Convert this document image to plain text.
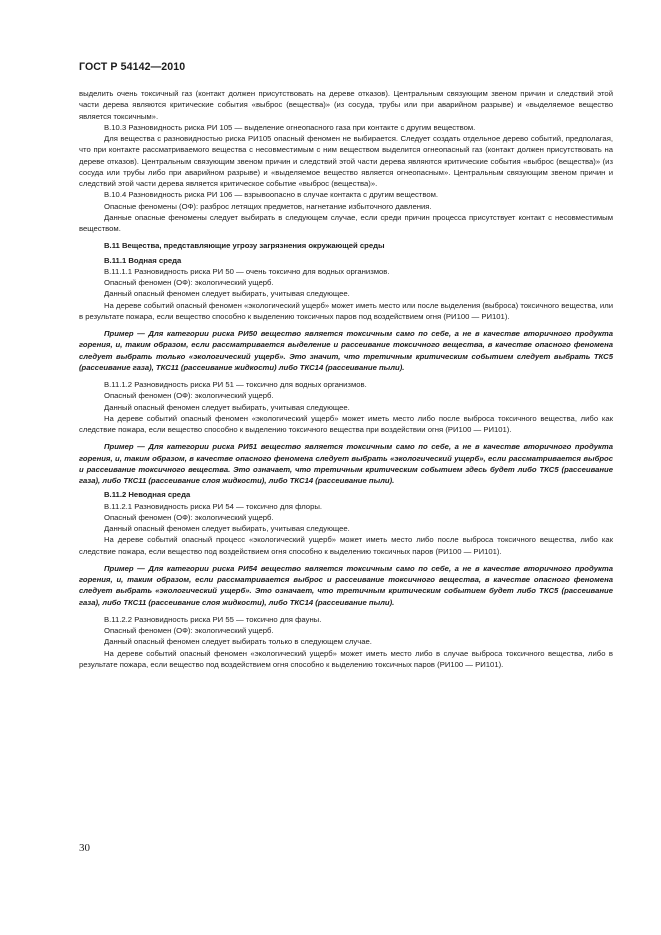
ГОСТ Р 54142—2010

выделить очень токсичный газ (контакт должен присутствовать на дереве отказов). Центральным связующим звеном причин и следствий этой части дерева являются критические события «выброс (вещества)» (из сосуда, трубы или при аварийном разрыве) и «выделяемое вещество является токсичным».

В.10.3 Разновидность риска РИ 105 — выделение огнеопасного газа при контакте с другим веществом.

Для вещества с разновидностью риска РИ105 опасный феномен не выбирается. Следует создать отдельное дерево событий, предполагая, что при контакте рассматриваемого вещества с несовместимым с ним веществом выделится огнеопасный газ (контакт должен присутствовать на дереве отказов). Центральным связующим звеном причин и следствий этой части дерева являются критические события «выброс (вещества)» (из сосуда или трубы либо при аварийном разрыве) и «выделяемое вещество является огнеопасным». Центральным связующим звеном причин и следствий этой части дерева является критическое событие «выброс (вещества)».

В.10.4 Разновидность риска РИ 106 — взрывоопасно в случае контакта с другим веществом.

Опасные феномены (ОФ): разброс летящих предметов, нагнетание избыточного давления.

Данные опасные феномены следует выбирать в следующем случае, если среди причин процесса присутствует контакт с несовместимым веществом.

В.11 Вещества, представляющие угрозу загрязнения окружающей среды

В.11.1 Водная среда

В.11.1.1 Разновидность риска РИ 50 — очень токсично для водных организмов.

Опасный феномен (ОФ): экологический ущерб.

Данный опасный феномен следует выбирать, учитывая следующее.

На дереве событий опасный феномен «экологический ущерб» может иметь место или после выделения (выброса) токсичного вещества, или в результате пожара, если вещество способно к выделению токсичных паров под воздействием огня (РИ100 — РИ101).

Пример — Для категории риска РИ50 вещество является токсичным само по себе, а не в качестве вторичного продукта горения, и, таким образом, если рассматривается выделение и рассеивание токсичного вещества, в качестве опасного феномена следует выбрать только «экологический ущерб». Это значит, что третичным критическим событием следует выбрать ТКС5 (рассеивание газа), ТКС11 (рассеивание жидкости) либо ТКС14 (рассеивание пыли).

В.11.1.2 Разновидность риска РИ 51 — токсично для водных организмов.

Опасный феномен (ОФ): экологический ущерб.

Данный опасный феномен следует выбирать, учитывая следующее.

На дереве событий опасный феномен «экологический ущерб» может иметь место либо после выброса токсичного вещества, либо как следствие пожара, если вещество способно к выделению токсичного вещества при воздействии огня (РИ100 — РИ101).

Пример — Для категории риска РИ51 вещество является токсичным само по себе, а не в качестве вторичного продукта горения, и, таким образом, в качестве опасного феномена следует выбрать «экологический ущерб», если рассматривается выброс и рассеивание токсичного вещества. Это означает, что третичным критическим событием здесь будет либо ТКС5 (рассеивание газа), либо ТКС11 (рассеивание слоя жидкости), либо ТКС14 (рассеивание пыли).

В.11.2 Неводная среда

В.11.2.1 Разновидность риска РИ 54 — токсично для флоры.

Опасный феномен (ОФ): экологический ущерб.

Данный опасный феномен следует выбирать, учитывая следующее.

На дереве событий опасный процесс «экологический ущерб» может иметь место либо после выброса токсичного вещества, либо как следствие пожара, если вещество под воздействием огня способно к выделению токсичных паров (РИ100 — РИ101).

Пример — Для категории риска РИ54 вещество является токсичным само по себе, а не в качестве вторичного продукта горения, и, таким образом, если рассматривается выброс и рассеивание токсичного вещества, в качестве опасного феномена следует выбрать «экологический ущерб». Это означает, что третичным критическим событием будет либо ТКС5 (рассеивание газа), либо ТКС11 (рассеивание слоя жидкости), либо ТКС14 (рассеивание пыли).

В.11.2.2 Разновидность риска РИ 55 — токсично для фауны.

Опасный феномен (ОФ): экологический ущерб.

Данный опасный феномен следует выбирать только в следующем случае.

На дереве событий опасный феномен «экологический ущерб» может иметь место либо в случае выброса токсичного вещества, либо в результате пожара, если вещество под воздействием огня способно к выделению токсичных паров (РИ100 — РИ101).

30
